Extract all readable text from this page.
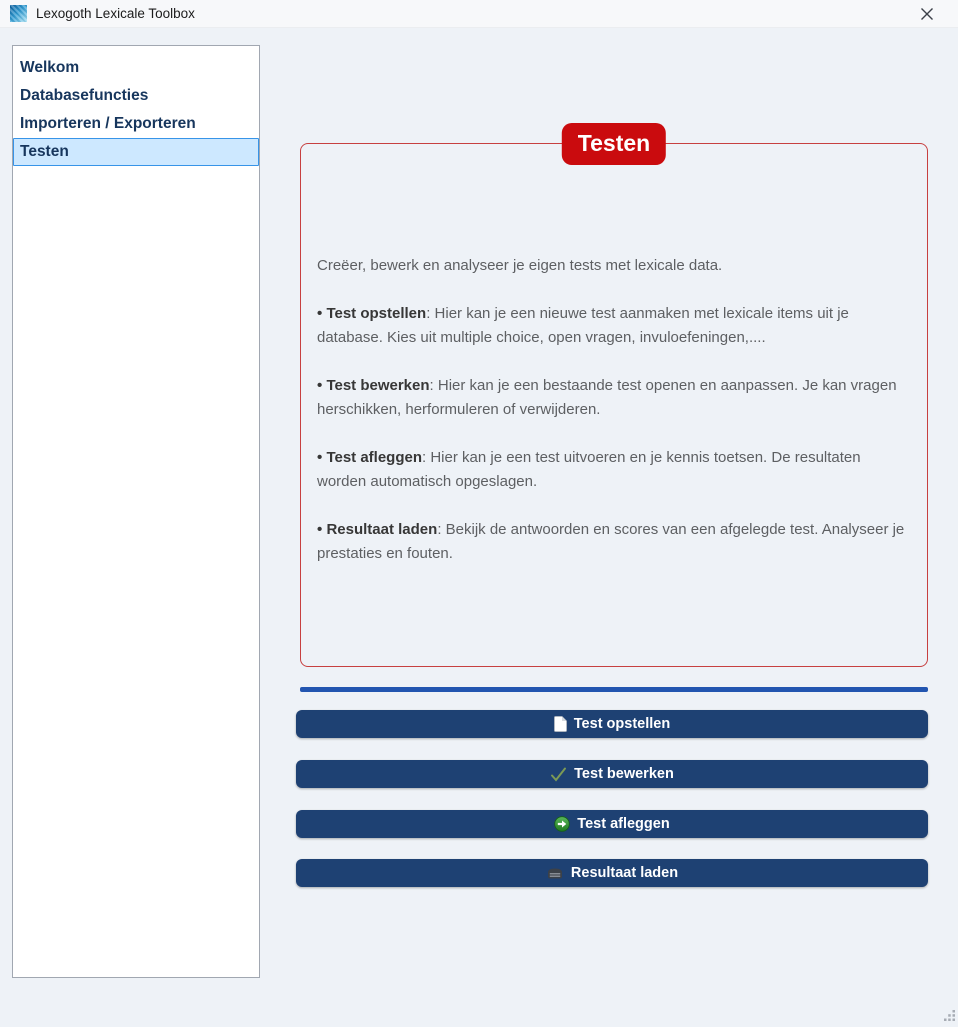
Lexogoth Lexicale Toolbox
Welkom
Databasefuncties
Importeren / Exporteren
Testen	Testen

Creëer, bewerk en analyseer je eigen tests met lexicale data.

• Test opstellen: Hier kan je een nieuwe test aanmaken met lexicale items uit je database. Kies uit multiple choice, open vragen, invuloefeningen,....

• Test bewerken: Hier kan je een bestaande test openen en aanpassen. Je kan vragen herschikken, herformuleren of verwijderen.

• Test afleggen: Hier kan je een test uitvoeren en je kennis toetsen. De resultaten worden automatisch opgeslagen.

• Resultaat laden: Bekijk de antwoorden en scores van een afgelegde test. Analyseer je prestaties en fouten.

Test opstellen
Test bewerken
Test afleggen
Resultaat laden
